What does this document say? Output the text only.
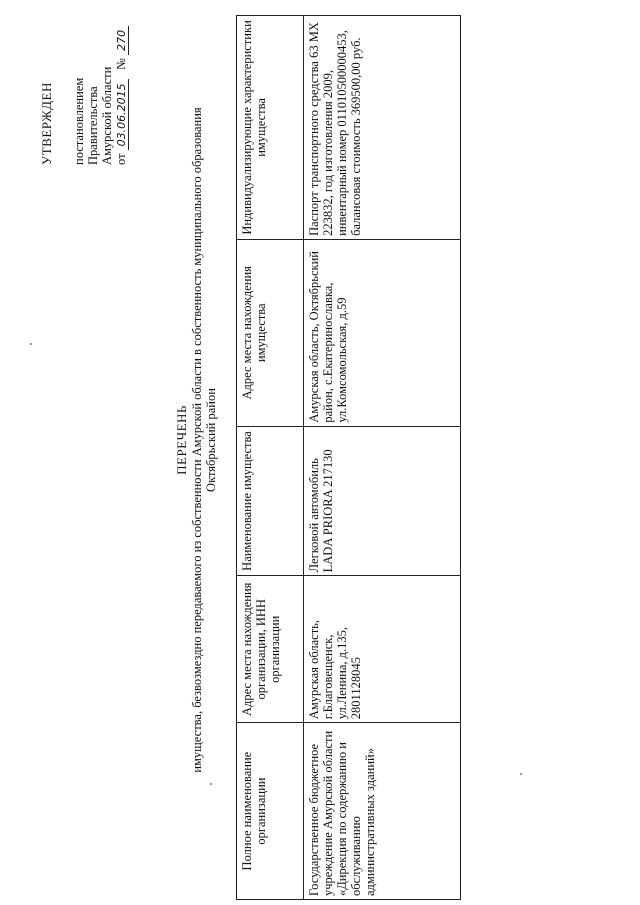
УТВЕРЖДЕН постановлением Правительства Амурской области от 03.06.2015   № 270
ПЕРЕЧЕНЬ имущества, безвозмездно передаваемого из собственности Амурской области в собственность муниципального образования Октябрьский район
Полное наименование организации	Адрес места нахождения организации, ИНН организации	Наименование имущества	Адрес места нахождения имущества	Индивидуализирующие характеристики имущества
Государственное бюджетное учреждение Амурской области «Дирекция по содержанию и обслуживанию административных зданий»	Амурская область, г.Благовещенск, ул.Ленина, д.135, 2801128045	Легковой автомобиль LADA PRIORA 217130	Амурская область, Октябрьский район, с.Екатеринославка, ул.Комсомольская, д.59	Паспорт транспортного средства 63 МХ 223832, год изготовления 2009, инвентарный номер 011010500000453, балансовая стоимость 369500,00 руб.
